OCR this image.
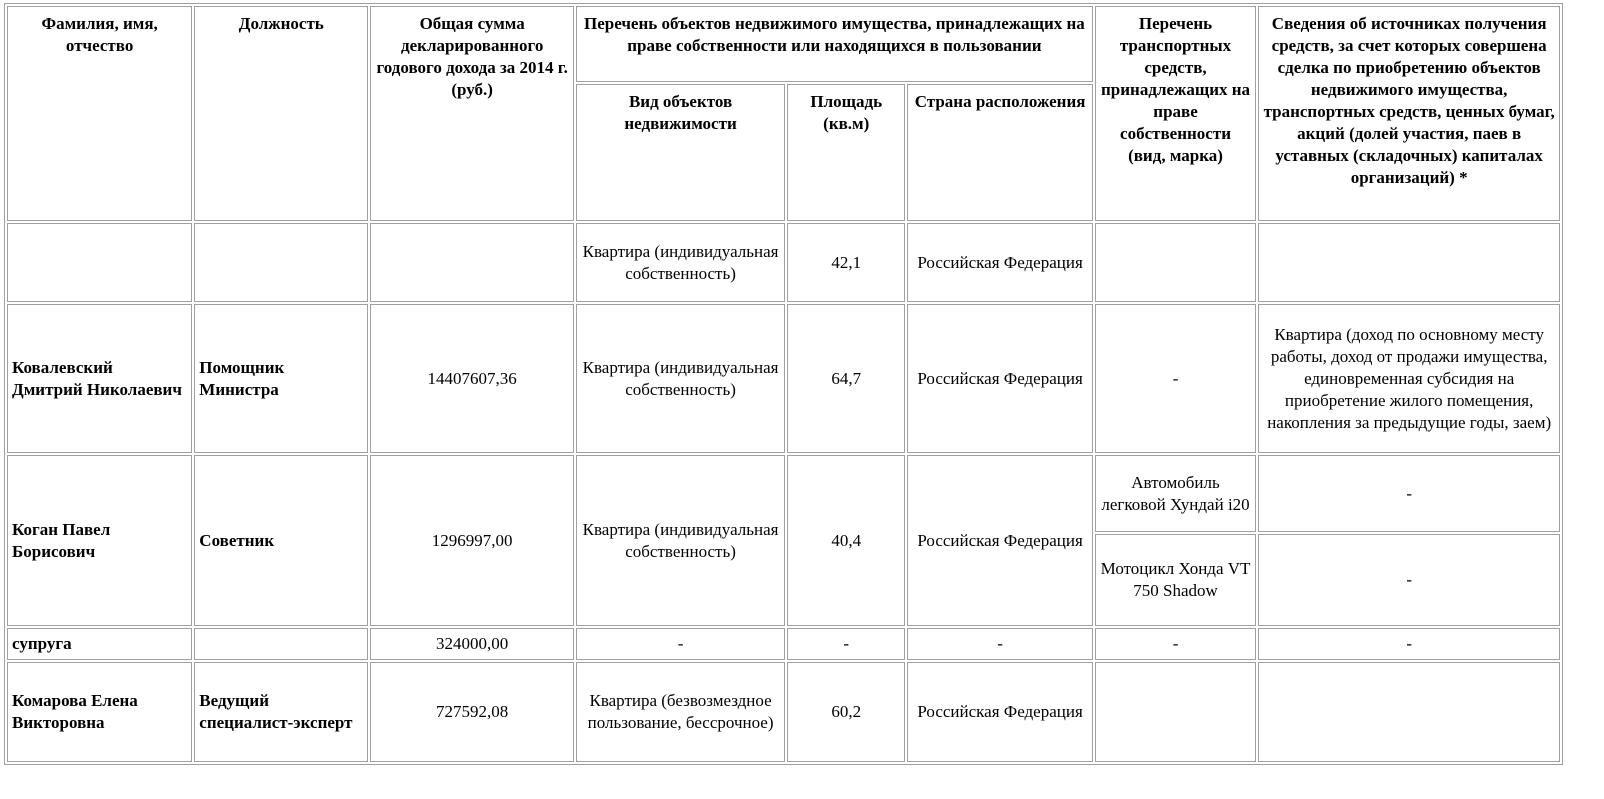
Фамилия, имя, отчество	Должность	Общая сумма декларированного годового дохода за 2014 г. (руб.)	Перечень объектов недвижимого имущества, принадлежащих на праве собственности или находящихся в пользовании			Перечень транспортных средств, принадлежащих на праве собственности (вид, марка)	Сведения об источниках получения средств, за счет которых совершена сделка по приобретению объектов недвижимого имущества, транспортных средств, ценных бумаг, акций (долей участия, паев в уставных (складочных) капиталах организаций) *
			Вид объектов недвижимости	Площадь (кв.м)	Страна расположения		
			Квартира (индивидуальная собственность)	42,1	Российская Федерация		
Ковалевский Дмитрий Николаевич	Помощник Министра	14407607,36	Квартира (индивидуальная собственность)	64,7	Российская Федерация	-	Квартира (доход по основному месту работы, доход от продажи имущества, единовременная субсидия на приобретение жилого помещения, накопления за предыдущие годы, заем)
Коган Павел Борисович	Советник	1296997,00	Квартира (индивидуальная собственность)	40,4	Российская Федерация	Автомобиль легковой Хундай i20	-
						Мотоцикл Хонда VT 750 Shadow	-
супруга		324000,00	-	-	-	-	-
Комарова Елена Викторовна	Ведущий специалист-эксперт	727592,08	Квартира (безвозмездное пользование, бессрочное)	60,2	Российская Федерация		
